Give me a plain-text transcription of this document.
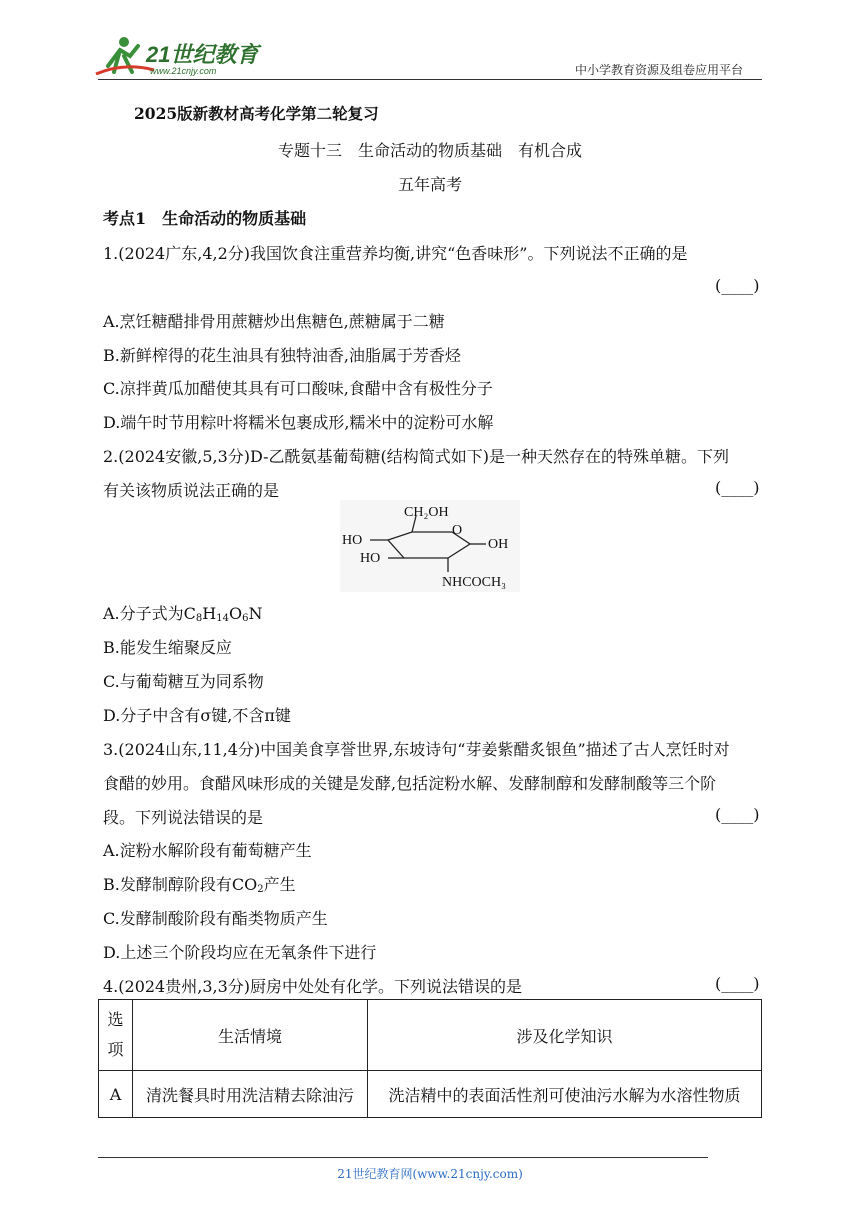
21世纪教育
www.21cnjy.com	中小学教育资源及组卷应用平台
2025版新教材高考化学第二轮复习
专题十三　生命活动的物质基础　有机合成
五年高考
考点1　生命活动的物质基础
1.(2024广东,4,2分)我国饮食注重营养均衡,讲究“色香味形”。下列说法不正确的是
(____)
A.烹饪糖醋排骨用蔗糖炒出焦糖色,蔗糖属于二糖
B.新鲜榨得的花生油具有独特油香,油脂属于芳香烃
C.凉拌黄瓜加醋使其具有可口酸味,食醋中含有极性分子
D.端午时节用粽叶将糯米包裹成形,糯米中的淀粉可水解
2.(2024安徽,5,3分)D-乙酰氨基葡萄糖(结构简式如下)是一种天然存在的特殊单糖。下列
有关该物质说法正确的是	(____)
CH₂OH
O
HO
HO
OH
NHCOCH₃
A.分子式为$C_8H_{14}O_6N$
B.能发生缩聚反应
C.与葡萄糖互为同系物
D.分子中含有σ键,不含π键
3.(2024山东,11,4分)中国美食享誉世界,东坡诗句“芽姜紫醋炙银鱼”描述了古人烹饪时对
食醋的妙用。食醋风味形成的关键是发酵,包括淀粉水解、发酵制醇和发酵制酸等三个阶
段。下列说法错误的是	(____)
A.淀粉水解阶段有葡萄糖产生
B.发酵制醇阶段有$CO_2$产生
C.发酵制酸阶段有酯类物质产生
D.上述三个阶段均应在无氧条件下进行
4.(2024贵州,3,3分)厨房中处处有化学。下列说法错误的是	(____)
选
项	生活情境	涉及化学知识
A	清洗餐具时用洗洁精去除油污	洗洁精中的表面活性剂可使油污水解为水溶性物质
21世纪教育网(www.21cnjy.com)
